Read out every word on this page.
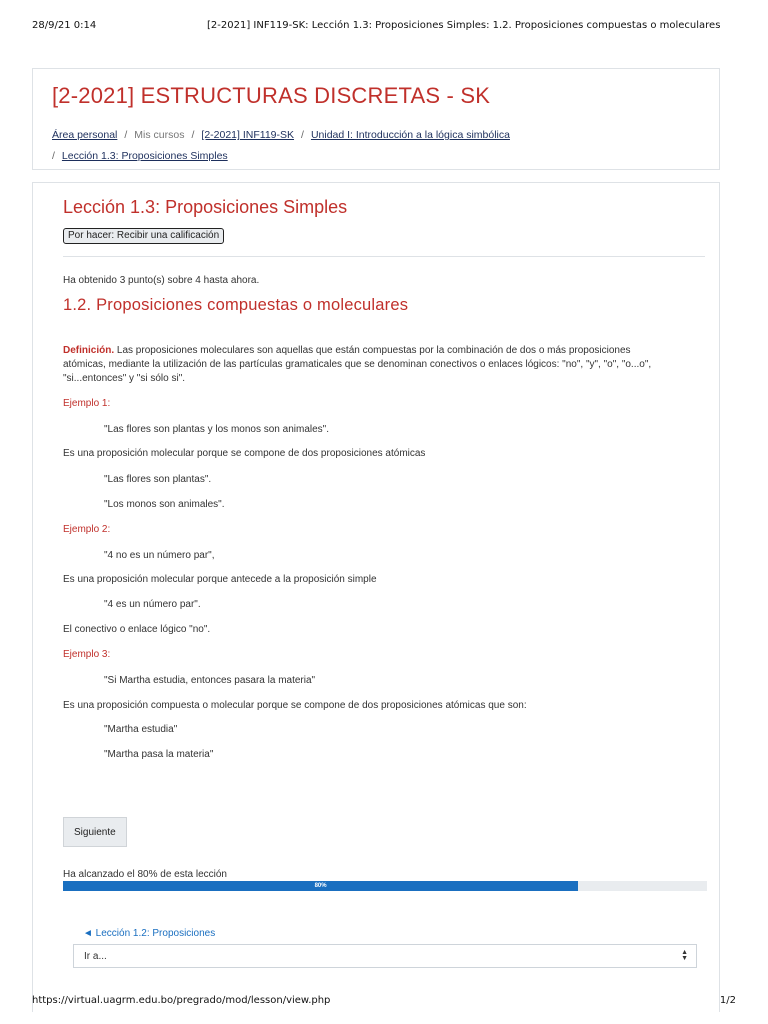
28/9/21 0:14	[2-2021] INF119-SK: Lección 1.3: Proposiciones Simples: 1.2. Proposiciones compuestas o moleculares
[2-2021] ESTRUCTURAS DISCRETAS - SK
Área personal / Mis cursos / [2-2021] INF119-SK / Unidad I: Introducción a la lógica simbólica
/ Lección 1.3: Proposiciones Simples
Lección 1.3: Proposiciones Simples
Por hacer: Recibir una calificación
Ha obtenido 3 punto(s) sobre 4 hasta ahora.
1.2. Proposiciones compuestas o moleculares
Definición. Las proposiciones moleculares son aquellas que están compuestas por la combinación de dos o más proposiciones atómicas, mediante la utilización de las partículas gramaticales que se denominan conectivos o enlaces lógicos: "no", "y", "o", "o...o", "si...entonces" y "si sólo si".
Ejemplo 1:
"Las flores son plantas y los monos son animales".
Es una proposición molecular porque se compone de dos proposiciones atómicas
"Las flores son plantas".
"Los monos son animales".
Ejemplo 2:
"4 no es un número par",
Es una proposición molecular porque antecede a la proposición simple
"4 es un número par".
El conectivo o enlace lógico "no".
Ejemplo 3:
"Si Martha estudia, entonces pasara la materia"
Es una proposición compuesta o molecular porque se compone de dos proposiciones atómicas que son:
"Martha estudia"
"Martha pasa la materia"
Siguiente
Ha alcanzado el 80% de esta lección
80%
◄ Lección 1.2: Proposiciones
Ir a...	▲
▼
https://virtual.uagrm.edu.bo/pregrado/mod/lesson/view.php	1/2
